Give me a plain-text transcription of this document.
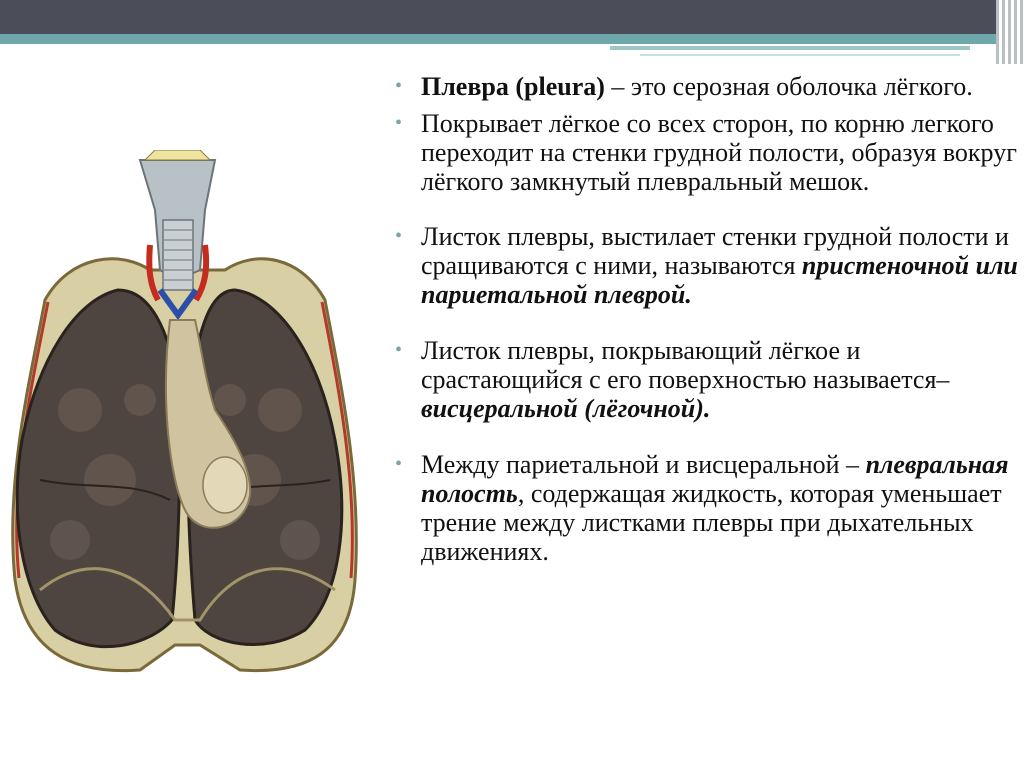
• Плевра (pleura) – это серозная оболочка лёгкого.

• Покрывает лёгкое со всех сторон, по корню легкого переходит на стенки грудной полости, образуя вокруг лёгкого замкнутый плевральный мешок.

• Листок плевры, выстилает стенки грудной полости и сращиваются с ними, называются пристеночной или париетальной плеврой.

• Листок плевры, покрывающий лёгкое и срастающийся с его поверхностью называется– висцеральной (лёгочной).

• Между париетальной и висцеральной – плевральная полость, содержащая жидкость, которая уменьшает трение между листками плевры при дыхательных движениях.
